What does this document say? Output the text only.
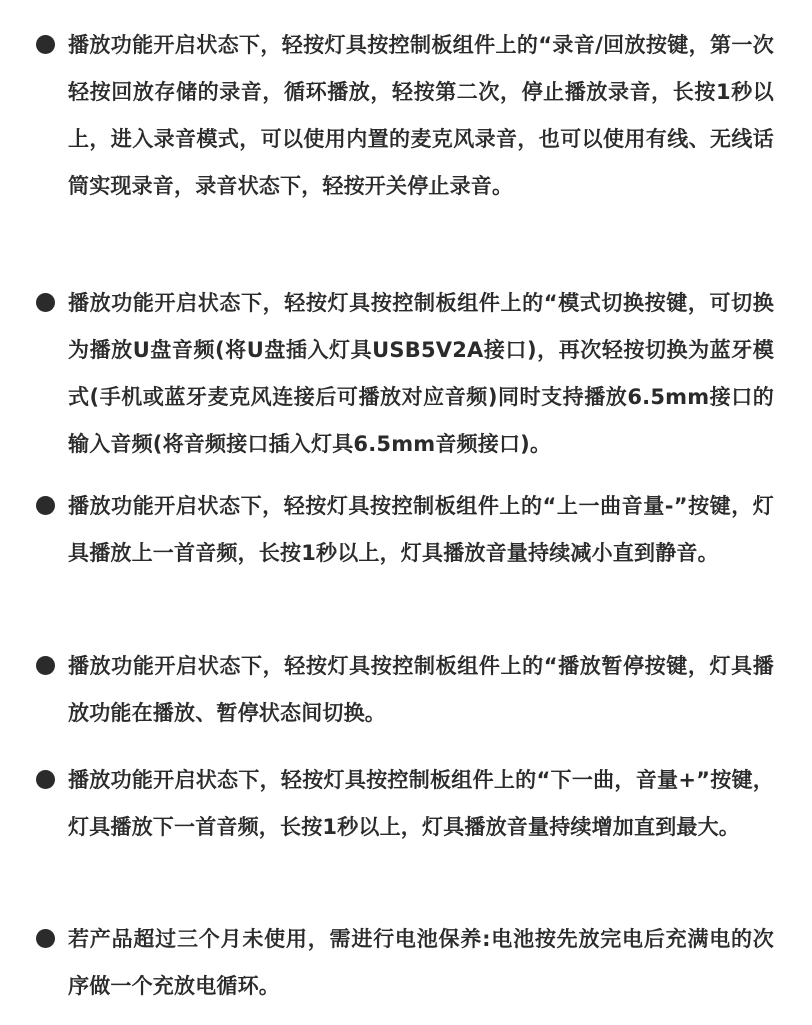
播放功能开启状态下，轻按灯具按控制板组件上的“录音/回放按键，第一次轻按回放存储的录音，循环播放，轻按第二次，停止播放录音，长按1秒以上，进入录音模式，可以使用内置的麦克风录音，也可以使用有线、无线话筒实现录音，录音状态下，轻按开关停止录音。
播放功能开启状态下，轻按灯具按控制板组件上的“模式切换按键，可切换为播放U盘音频(将U盘插入灯具USB5V2A接口)，再次轻按切换为蓝牙模式(手机或蓝牙麦克风连接后可播放对应音频)同时支持播放6.5mm接口的输入音频(将音频接口插入灯具6.5mm音频接口)。
播放功能开启状态下，轻按灯具按控制板组件上的“上一曲音量-”按键，灯具播放上一首音频，长按1秒以上，灯具播放音量持续减小直到静音。
播放功能开启状态下，轻按灯具按控制板组件上的“播放暂停按键，灯具播放功能在播放、暂停状态间切换。
播放功能开启状态下，轻按灯具按控制板组件上的“下一曲，音量+”按键，灯具播放下一首音频，长按1秒以上，灯具播放音量持续增加直到最大。
若产品超过三个月未使用，需进行电池保养:电池按先放完电后充满电的次序做一个充放电循环。
